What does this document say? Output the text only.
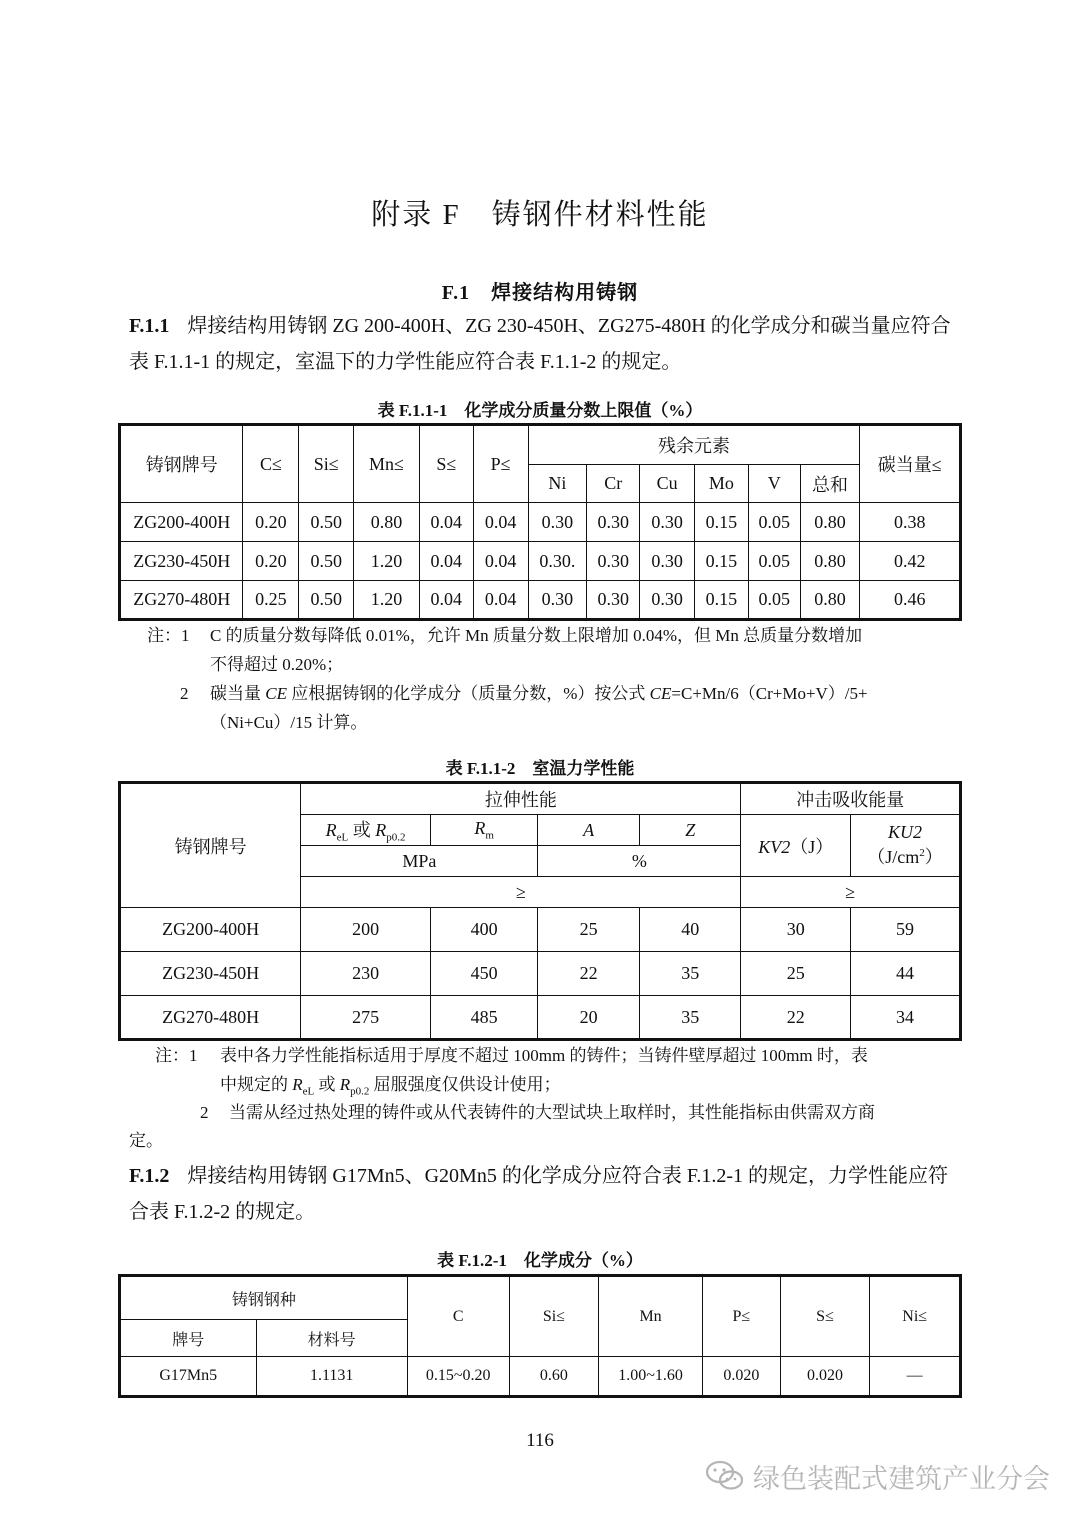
附录 F　铸钢件材料性能
F.1　焊接结构用铸钢
F.1.1 焊接结构用铸钢 ZG 200-400H、ZG 230-450H、ZG275-480H 的化学成分和碳当量应符合表 F.1.1-1 的规定，室温下的力学性能应符合表 F.1.1-2 的规定。
表 F.1.1-1　化学成分质量分数上限值（%）
铸钢牌号	C≤	Si≤	Mn≤	S≤	P≤	残余元素						碳当量≤
						Ni	Cr	Cu	Mo	V	总和	
ZG200-400H	0.20	0.50	0.80	0.04	0.04	0.30	0.30	0.30	0.15	0.05	0.80	0.38
ZG230-450H	0.20	0.50	1.20	0.04	0.04	0.30.	0.30	0.30	0.15	0.05	0.80	0.42
ZG270-480H	0.25	0.50	1.20	0.04	0.04	0.30	0.30	0.30	0.15	0.05	0.80	0.46
注：1 C 的质量分数每降低 0.01%，允许 Mn 质量分数上限增加 0.04%，但 Mn 总质量分数增加
不得超过 0.20%；
2 碳当量 CE 应根据铸钢的化学成分（质量分数，%）按公式 CE=C+Mn/6（Cr+Mo+V）/5+
（Ni+Cu）/15 计算。
表 F.1.1-2　室温力学性能
铸钢牌号	拉伸性能				冲击吸收能量	
	$R_{eL}$ 或 $R_{p0.2}$	$R_m$	A	Z	KV2（J）	KU2
$(J/cm^2)$
	MPa		%			
	≥				≥	
ZG200-400H	200	400	25	40	30	59
ZG230-450H	230	450	22	35	25	44
ZG270-480H	275	485	20	35	22	34
注：1 表中各力学性能指标适用于厚度不超过 100mm 的铸件；当铸件壁厚超过 100mm 时，表
中规定的 $R_{eL}$ 或 $R_{p0.2}$ 屈服强度仅供设计使用；
2 当需从经过热处理的铸件或从代表铸件的大型试块上取样时，其性能指标由供需双方商
定。
F.1.2 焊接结构用铸钢 G17Mn5、G20Mn5 的化学成分应符合表 F.1.2-1 的规定，力学性能应符合表 F.1.2-2 的规定。
表 F.1.2-1　化学成分（%）
铸钢钢种		C	Si≤	Mn	P≤	S≤	Ni≤
牌号	材料号						
G17Mn5	1.1131	0.15~0.20	0.60	1.00~1.60	0.020	0.020	—
116
绿色装配式建筑产业分会
